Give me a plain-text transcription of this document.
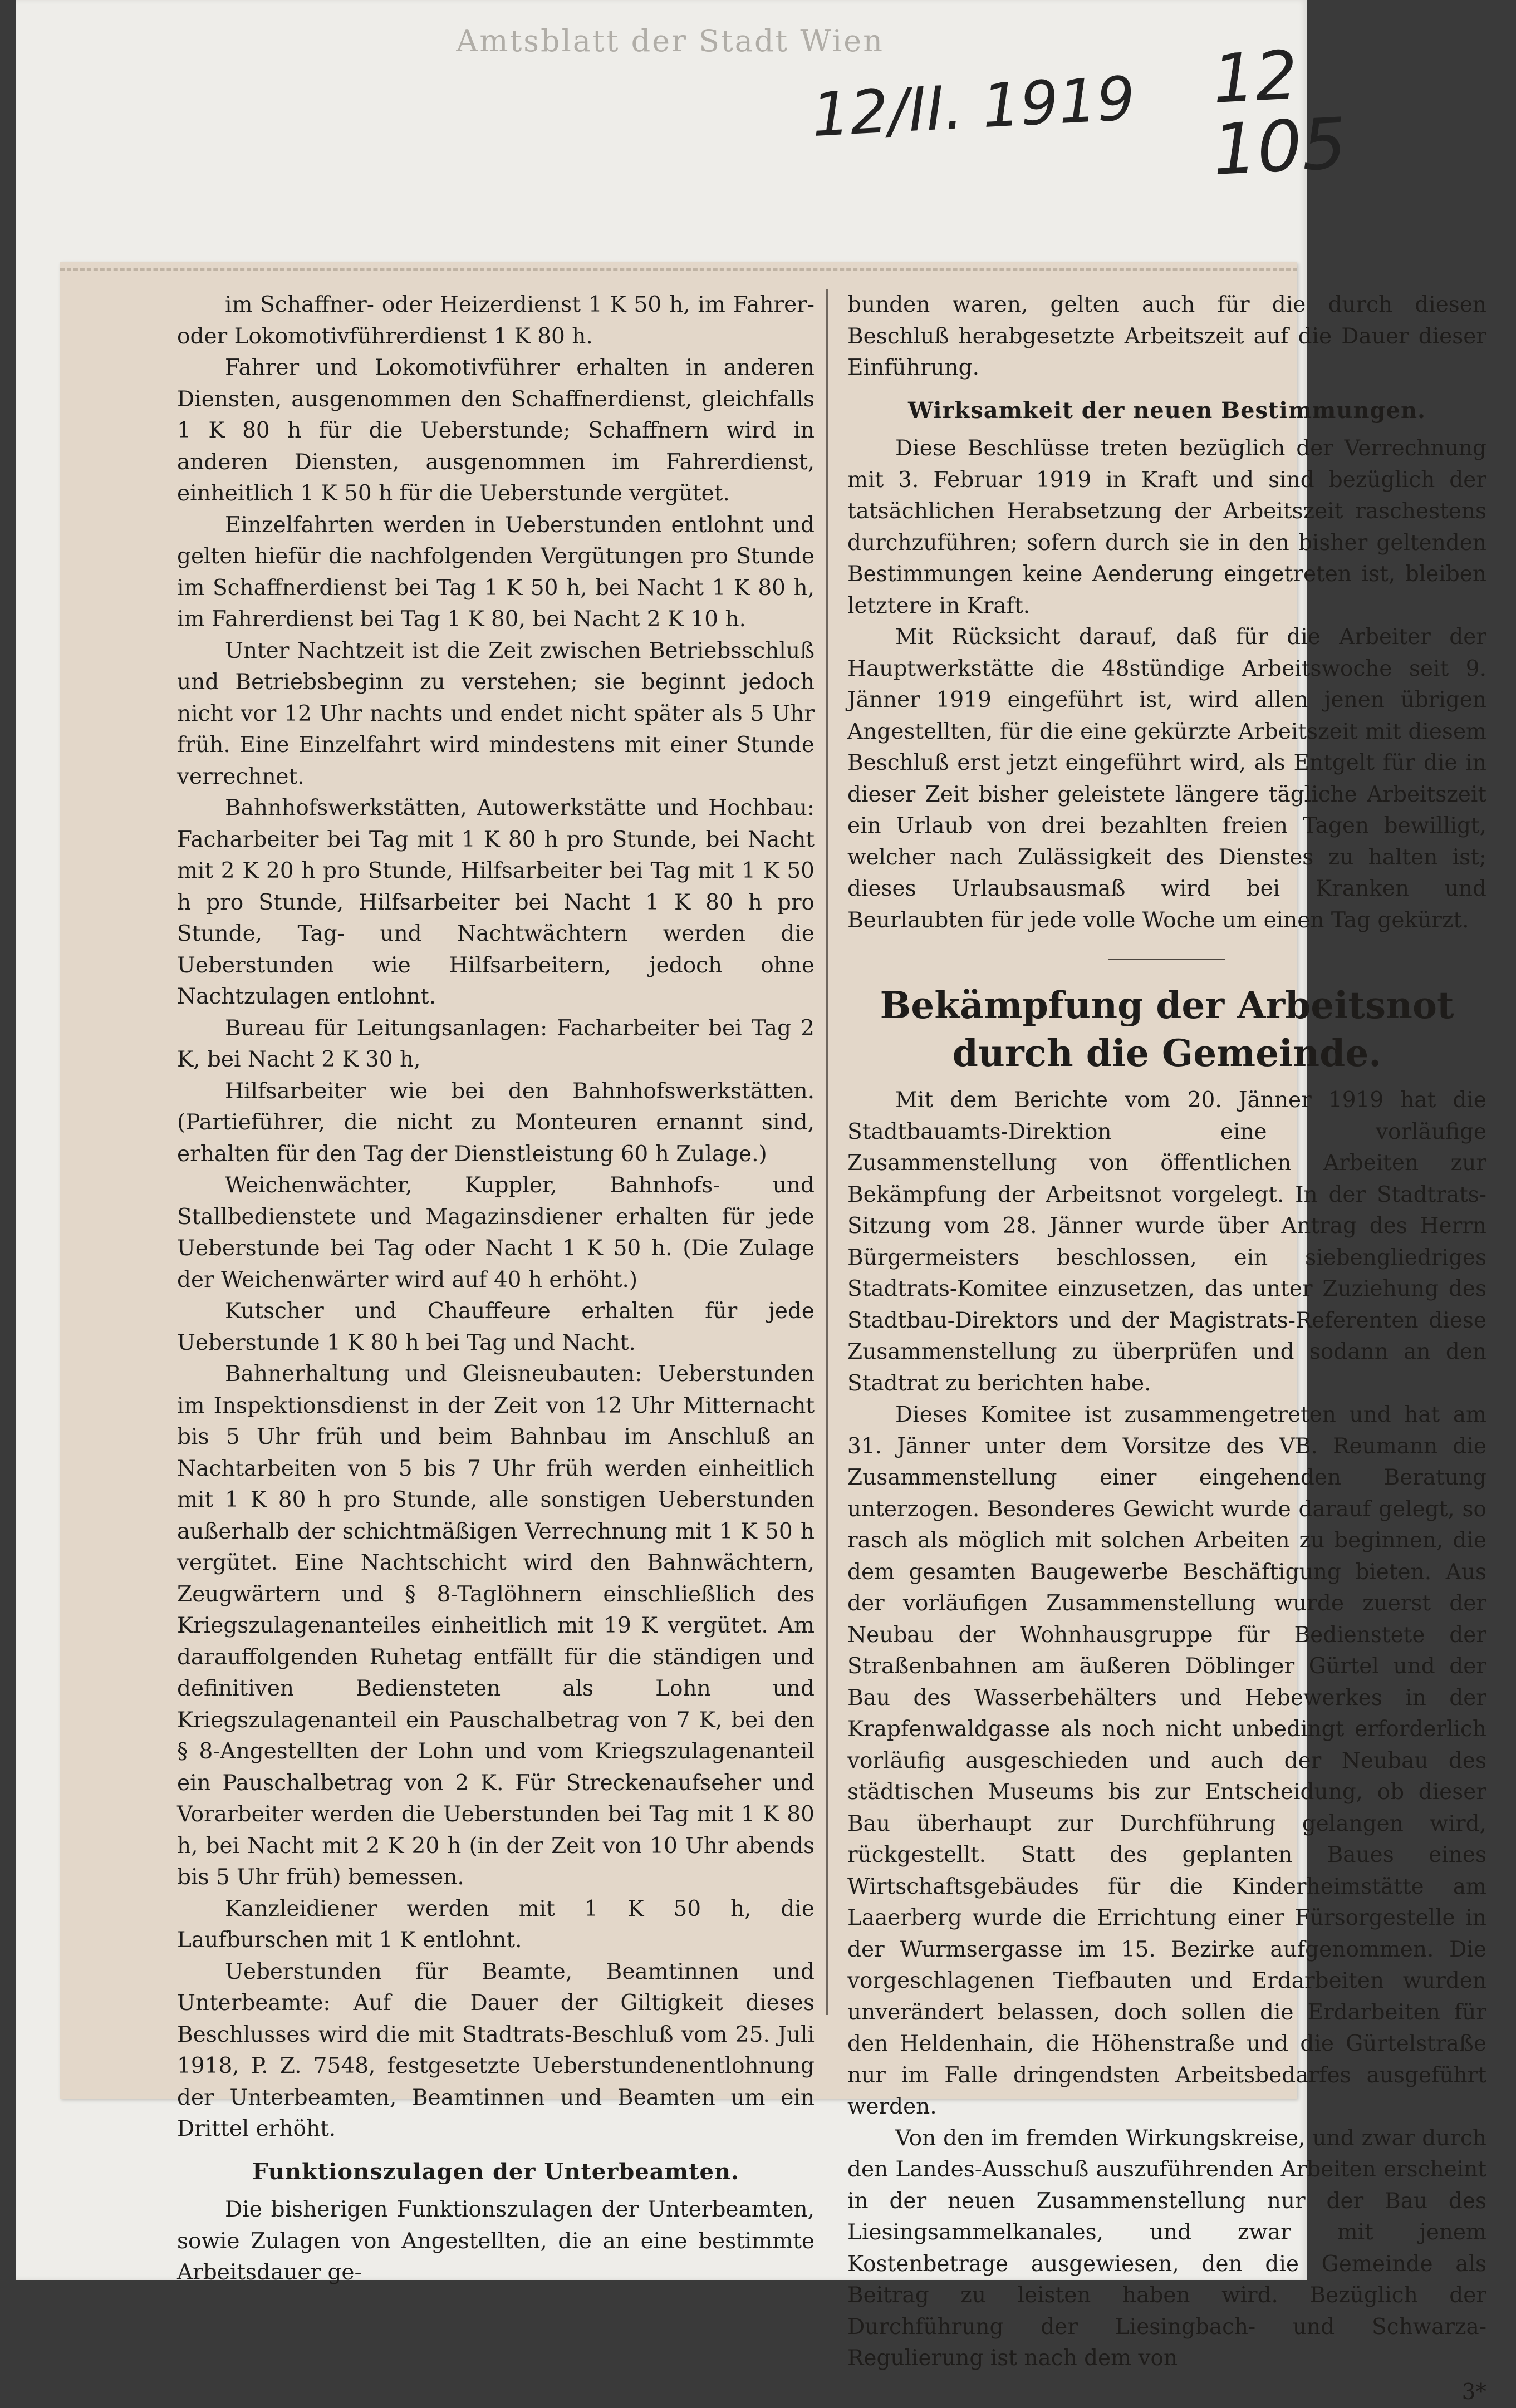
Amtsblatt der Stadt Wien
12/II. 1919 12
105

im Schaffner- oder Heizerdienst 1 K 50 h, im Fahrer- oder Lokomotivführerdienst 1 K 80 h.

Fahrer und Lokomotivführer erhalten in anderen Diensten, ausgenommen den Schaffnerdienst, gleichfalls 1 K 80 h für die Ueberstunde; Schaffnern wird in anderen Diensten, ausgenommen im Fahrerdienst, einheitlich 1 K 50 h für die Ueberstunde vergütet.

Einzelfahrten werden in Ueberstunden entlohnt und gelten hiefür die nachfolgenden Vergütungen pro Stunde im Schaffnerdienst bei Tag 1 K 50 h, bei Nacht 1 K 80 h, im Fahrerdienst bei Tag 1 K 80, bei Nacht 2 K 10 h.

Unter Nachtzeit ist die Zeit zwischen Betriebsschluß und Betriebsbeginn zu verstehen; sie beginnt jedoch nicht vor 12 Uhr nachts und endet nicht später als 5 Uhr früh. Eine Einzelfahrt wird mindestens mit einer Stunde verrechnet.

Bahnhofswerkstätten, Autowerkstätte und Hochbau: Facharbeiter bei Tag mit 1 K 80 h pro Stunde, bei Nacht mit 2 K 20 h pro Stunde, Hilfsarbeiter bei Tag mit 1 K 50 h pro Stunde, Hilfsarbeiter bei Nacht 1 K 80 h pro Stunde, Tag- und Nachtwächtern werden die Ueberstunden wie Hilfsarbeitern, jedoch ohne Nachtzulagen entlohnt.

Bureau für Leitungsanlagen: Facharbeiter bei Tag 2 K, bei Nacht 2 K 30 h,

Hilfsarbeiter wie bei den Bahnhofswerkstätten. (Partieführer, die nicht zu Monteuren ernannt sind, erhalten für den Tag der Dienstleistung 60 h Zulage.)

Weichenwächter, Kuppler, Bahnhofs- und Stallbedienstete und Magazinsdiener erhalten für jede Ueberstunde bei Tag oder Nacht 1 K 50 h. (Die Zulage der Weichenwärter wird auf 40 h erhöht.)

Kutscher und Chauffeure erhalten für jede Ueberstunde 1 K 80 h bei Tag und Nacht.

Bahnerhaltung und Gleisneubauten: Ueberstunden im Inspektionsdienst in der Zeit von 12 Uhr Mitternacht bis 5 Uhr früh und beim Bahnbau im Anschluß an Nachtarbeiten von 5 bis 7 Uhr früh werden einheitlich mit 1 K 80 h pro Stunde, alle sonstigen Ueberstunden außerhalb der schichtmäßigen Verrechnung mit 1 K 50 h vergütet. Eine Nachtschicht wird den Bahnwächtern, Zeugwärtern und § 8-Taglöhnern einschließlich des Kriegszulagenanteiles einheitlich mit 19 K vergütet. Am darauffolgenden Ruhetag entfällt für die ständigen und definitiven Bediensteten als Lohn und Kriegszulagenanteil ein Pauschalbetrag von 7 K, bei den § 8-Angestellten der Lohn und vom Kriegszulagenanteil ein Pauschalbetrag von 2 K. Für Streckenaufseher und Vorarbeiter werden die Ueberstunden bei Tag mit 1 K 80 h, bei Nacht mit 2 K 20 h (in der Zeit von 10 Uhr abends bis 5 Uhr früh) bemessen.

Kanzleidiener werden mit 1 K 50 h, die Laufburschen mit 1 K entlohnt.

Ueberstunden für Beamte, Beamtinnen und Unterbeamte: Auf die Dauer der Giltigkeit dieses Beschlusses wird die mit Stadtrats-Beschluß vom 25. Juli 1918, P. Z. 7548, festgesetzte Ueberstundenentlohnung der Unterbeamten, Beamtinnen und Beamten um ein Drittel erhöht.

Funktionszulagen der Unterbeamten.

Die bisherigen Funktionszulagen der Unterbeamten, sowie Zulagen von Angestellten, die an eine bestimmte Arbeitsdauer ge-

bunden waren, gelten auch für die durch diesen Beschluß herabgesetzte Arbeitszeit auf die Dauer dieser Einführung.

Wirksamkeit der neuen Bestimmungen.

Diese Beschlüsse treten bezüglich der Verrechnung mit 3. Februar 1919 in Kraft und sind bezüglich der tatsächlichen Herabsetzung der Arbeitszeit raschestens durchzuführen; sofern durch sie in den bisher geltenden Bestimmungen keine Aenderung eingetreten ist, bleiben letztere in Kraft.

Mit Rücksicht darauf, daß für die Arbeiter der Hauptwerkstätte die 48stündige Arbeitswoche seit 9. Jänner 1919 eingeführt ist, wird allen jenen übrigen Angestellten, für die eine gekürzte Arbeitszeit mit diesem Beschluß erst jetzt eingeführt wird, als Entgelt für die in dieser Zeit bisher geleistete längere tägliche Arbeitszeit ein Urlaub von drei bezahlten freien Tagen bewilligt, welcher nach Zulässigkeit des Dienstes zu halten ist; dieses Urlaubsausmaß wird bei Kranken und Beurlaubten für jede volle Woche um einen Tag gekürzt.

Bekämpfung der Arbeitsnot durch die Gemeinde.

Mit dem Berichte vom 20. Jänner 1919 hat die Stadtbauamts-Direktion eine vorläufige Zusammenstellung von öffentlichen Arbeiten zur Bekämpfung der Arbeitsnot vorgelegt. In der Stadtrats-Sitzung vom 28. Jänner wurde über Antrag des Herrn Bürgermeisters beschlossen, ein siebengliedriges Stadtrats-Komitee einzusetzen, das unter Zuziehung des Stadtbau-Direktors und der Magistrats-Referenten diese Zusammenstellung zu überprüfen und sodann an den Stadtrat zu berichten habe.

Dieses Komitee ist zusammengetreten und hat am 31. Jänner unter dem Vorsitze des VB. Reumann die Zusammenstellung einer eingehenden Beratung unterzogen. Besonderes Gewicht wurde darauf gelegt, so rasch als möglich mit solchen Arbeiten zu beginnen, die dem gesamten Baugewerbe Beschäftigung bieten. Aus der vorläufigen Zusammenstellung wurde zuerst der Neubau der Wohnhausgruppe für Bedienstete der Straßenbahnen am äußeren Döblinger Gürtel und der Bau des Wasserbehälters und Hebewerkes in der Krapfenwaldgasse als noch nicht unbedingt erforderlich vorläufig ausgeschieden und auch der Neubau des städtischen Museums bis zur Entscheidung, ob dieser Bau überhaupt zur Durchführung gelangen wird, rückgestellt. Statt des geplanten Baues eines Wirtschaftsgebäudes für die Kinderheimstätte am Laaerberg wurde die Errichtung einer Fürsorgestelle in der Wurmsergasse im 15. Bezirke aufgenommen. Die vorgeschlagenen Tiefbauten und Erdarbeiten wurden unverändert belassen, doch sollen die Erdarbeiten für den Heldenhain, die Höhenstraße und die Gürtelstraße nur im Falle dringendsten Arbeitsbedarfes ausgeführt werden.

Von den im fremden Wirkungskreise, und zwar durch den Landes-Ausschuß auszuführenden Arbeiten erscheint in der neuen Zusammenstellung nur der Bau des Liesingsammelkanales, und zwar mit jenem Kostenbetrage ausgewiesen, den die Gemeinde als Beitrag zu leisten haben wird. Bezüglich der Durchführung der Liesingbach- und Schwarza-Regulierung ist nach dem von

3*
